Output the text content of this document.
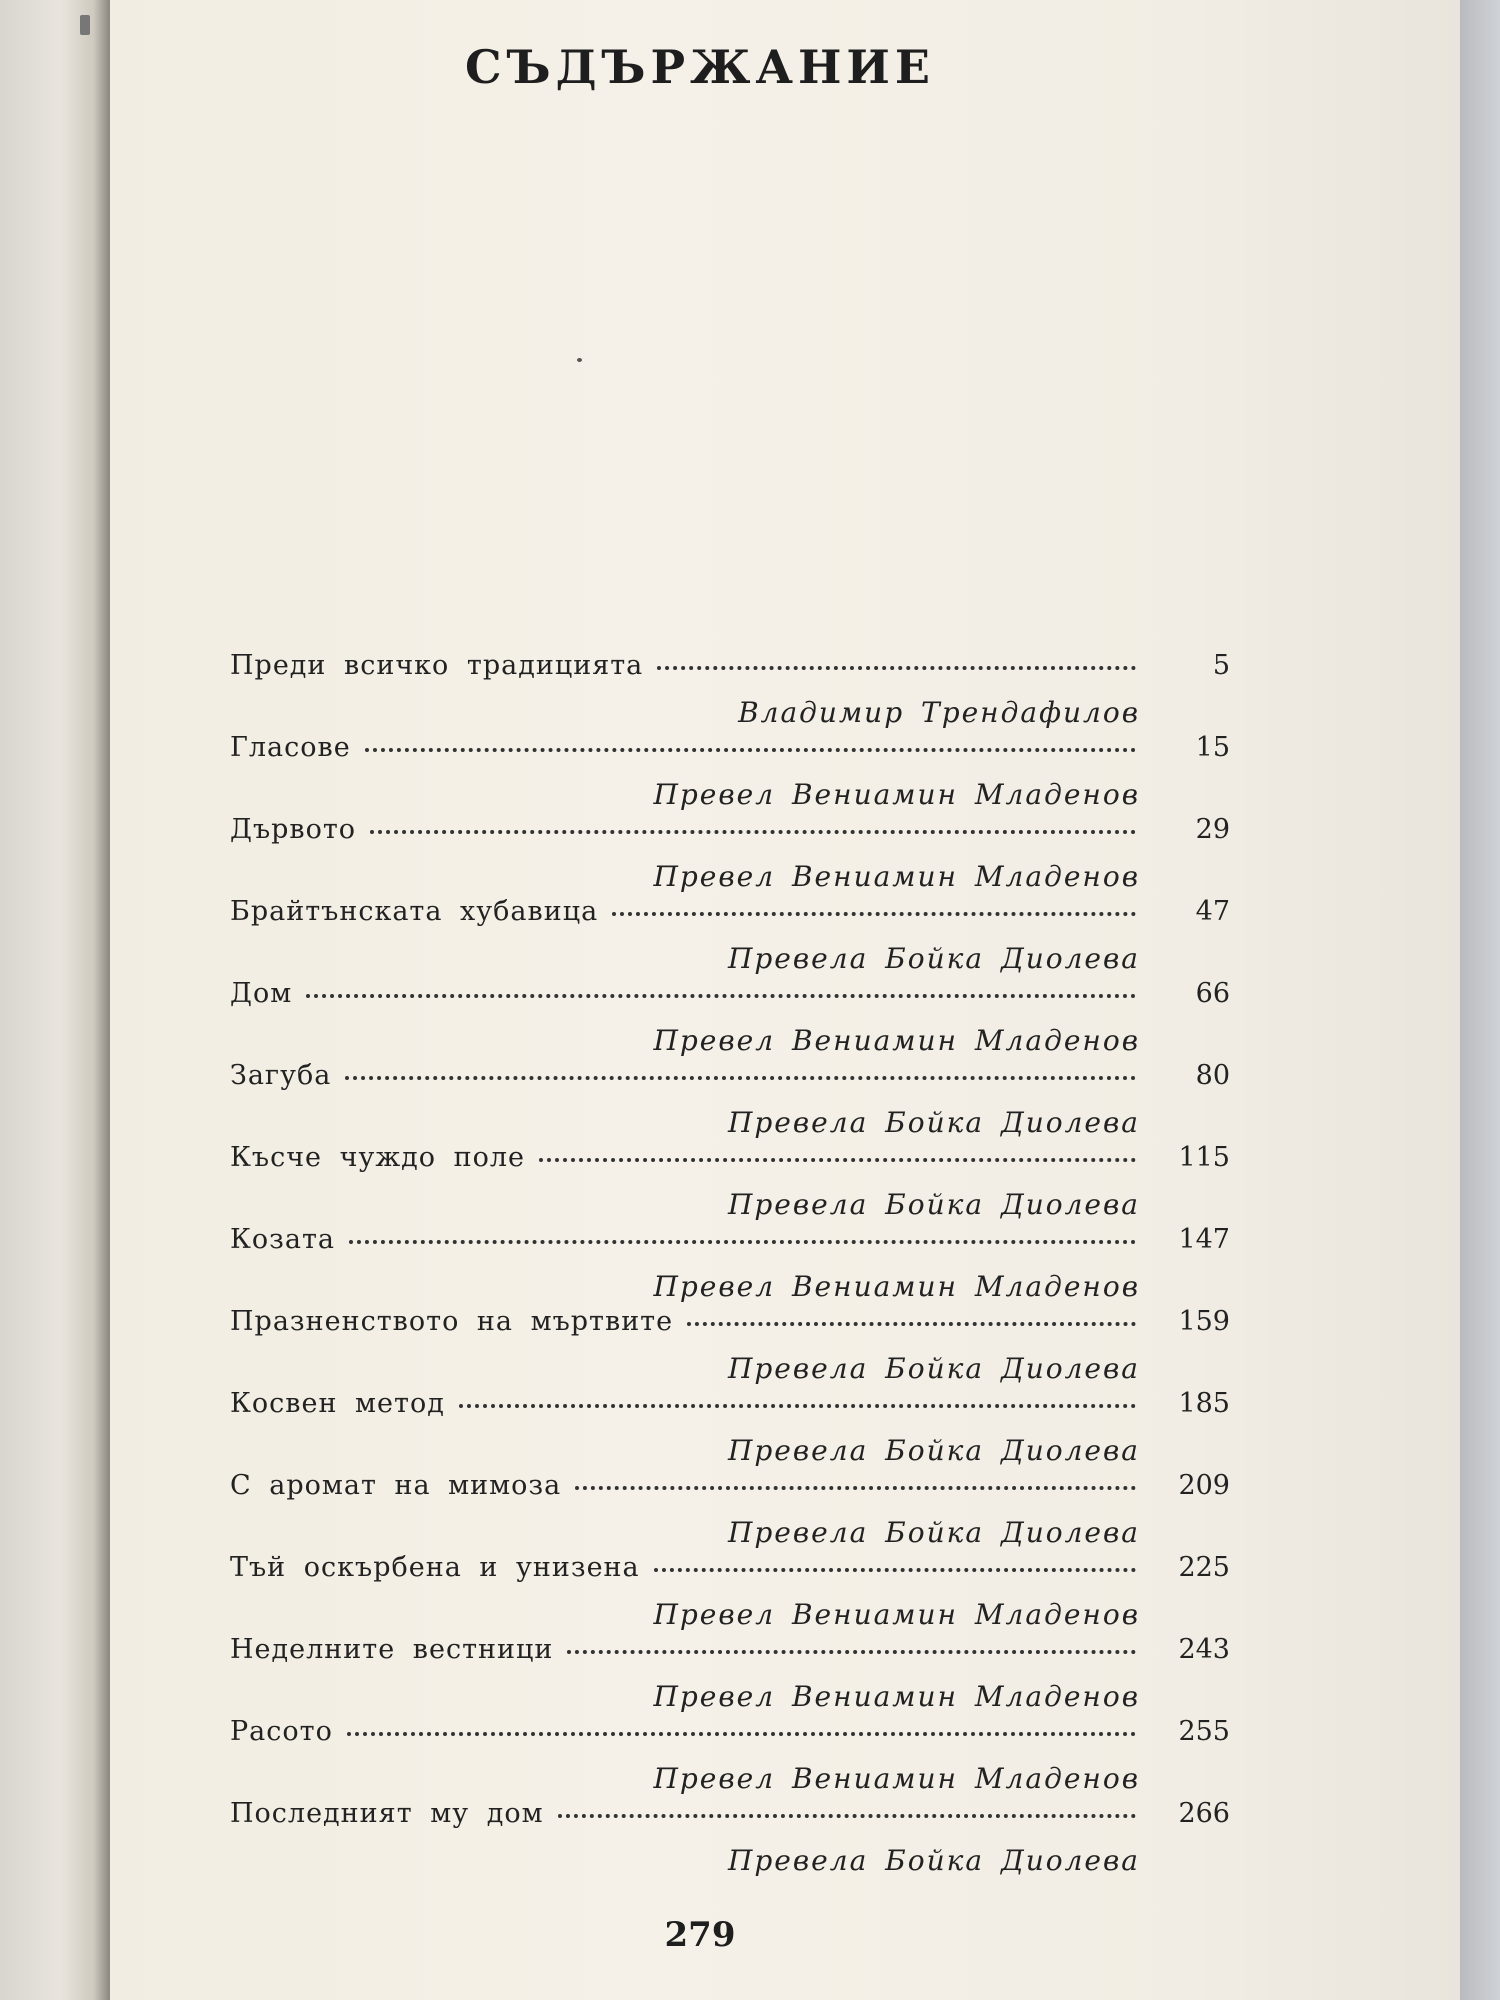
СЪДЪРЖАНИЕ
Преди всичко традицията	5
Владимир Трендафилов
Гласове	15
Превел Вениамин Младенов
Дървото	29
Превел Вениамин Младенов
Брайтънската хубавица	47
Превела Бойка Диолева
Дом	66
Превел Вениамин Младенов
Загуба	80
Превела Бойка Диолева
Късче чуждо поле	115
Превела Бойка Диолева
Козата	147
Превел Вениамин Младенов
Празненството на мъртвите	159
Превела Бойка Диолева
Косвен метод	185
Превела Бойка Диолева
С аромат на мимоза	209
Превела Бойка Диолева
Тъй оскърбена и унизена	225
Превел Вениамин Младенов
Неделните вестници	243
Превел Вениамин Младенов
Расото	255
Превел Вениамин Младенов
Последният му дом	266
Превела Бойка Диолева
279
